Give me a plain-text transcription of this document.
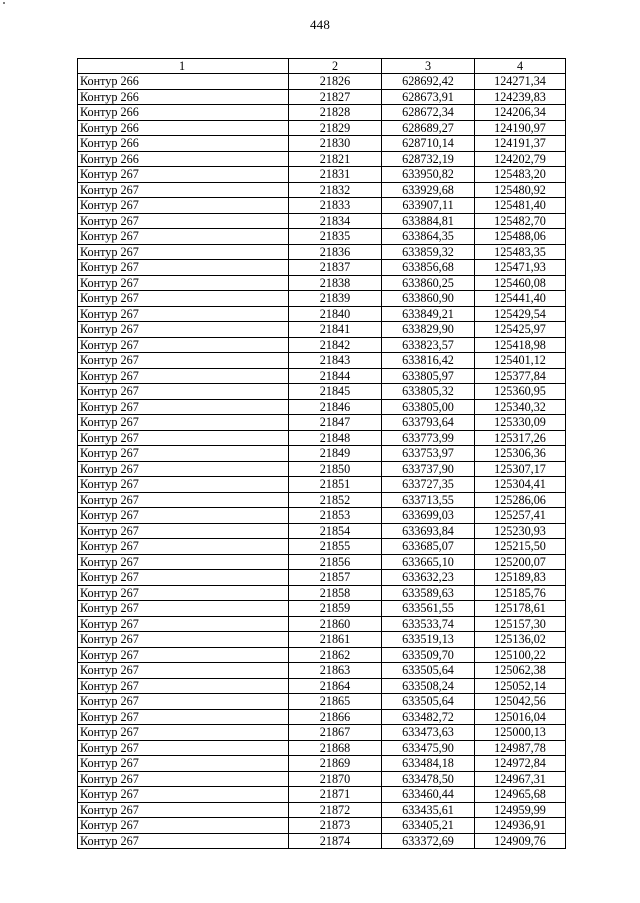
448
1	2	3	4
Контур 266	21826	628692,42	124271,34
Контур 266	21827	628673,91	124239,83
Контур 266	21828	628672,34	124206,34
Контур 266	21829	628689,27	124190,97
Контур 266	21830	628710,14	124191,37
Контур 266	21821	628732,19	124202,79
Контур 267	21831	633950,82	125483,20
Контур 267	21832	633929,68	125480,92
Контур 267	21833	633907,11	125481,40
Контур 267	21834	633884,81	125482,70
Контур 267	21835	633864,35	125488,06
Контур 267	21836	633859,32	125483,35
Контур 267	21837	633856,68	125471,93
Контур 267	21838	633860,25	125460,08
Контур 267	21839	633860,90	125441,40
Контур 267	21840	633849,21	125429,54
Контур 267	21841	633829,90	125425,97
Контур 267	21842	633823,57	125418,98
Контур 267	21843	633816,42	125401,12
Контур 267	21844	633805,97	125377,84
Контур 267	21845	633805,32	125360,95
Контур 267	21846	633805,00	125340,32
Контур 267	21847	633793,64	125330,09
Контур 267	21848	633773,99	125317,26
Контур 267	21849	633753,97	125306,36
Контур 267	21850	633737,90	125307,17
Контур 267	21851	633727,35	125304,41
Контур 267	21852	633713,55	125286,06
Контур 267	21853	633699,03	125257,41
Контур 267	21854	633693,84	125230,93
Контур 267	21855	633685,07	125215,50
Контур 267	21856	633665,10	125200,07
Контур 267	21857	633632,23	125189,83
Контур 267	21858	633589,63	125185,76
Контур 267	21859	633561,55	125178,61
Контур 267	21860	633533,74	125157,30
Контур 267	21861	633519,13	125136,02
Контур 267	21862	633509,70	125100,22
Контур 267	21863	633505,64	125062,38
Контур 267	21864	633508,24	125052,14
Контур 267	21865	633505,64	125042,56
Контур 267	21866	633482,72	125016,04
Контур 267	21867	633473,63	125000,13
Контур 267	21868	633475,90	124987,78
Контур 267	21869	633484,18	124972,84
Контур 267	21870	633478,50	124967,31
Контур 267	21871	633460,44	124965,68
Контур 267	21872	633435,61	124959,99
Контур 267	21873	633405,21	124936,91
Контур 267	21874	633372,69	124909,76
